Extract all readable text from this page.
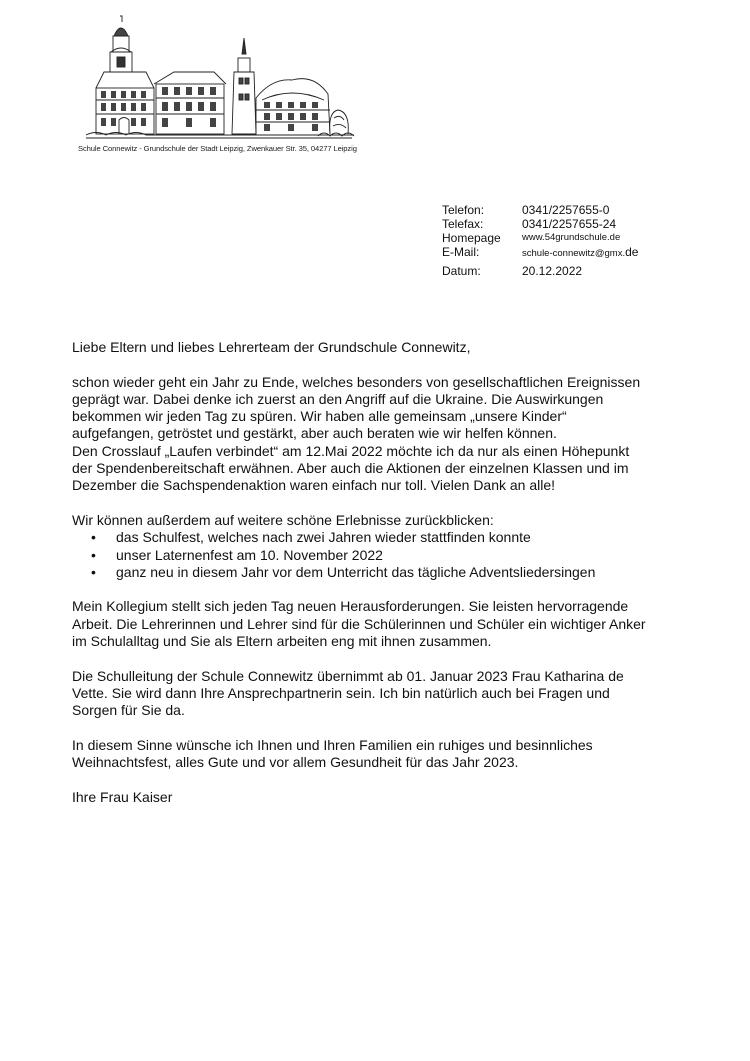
Schule Connewitz - Grundschule der Stadt Leipzig, Zwenkauer Str. 35, 04277 Leipzig
Telefon:	0341/2257655-0
Telefax:	0341/2257655-24
Homepage	www.54grundschule.de
E-Mail:	schule-connewitz@gmx.de
Datum:	20.12.2022

Liebe Eltern und liebes Lehrerteam der Grundschule Connewitz,

schon wieder geht ein Jahr zu Ende, welches besonders von gesellschaftlichen Ereignissen
geprägt war. Dabei denke ich zuerst an den Angriff auf die Ukraine. Die Auswirkungen
bekommen wir jeden Tag zu spüren. Wir haben alle gemeinsam „unsere Kinder“
aufgefangen, getröstet und gestärkt, aber auch beraten wie wir helfen können.
Den Crosslauf „Laufen verbindet“ am 12.Mai 2022 möchte ich da nur als einen Höhepunkt
der Spendenbereitschaft erwähnen. Aber auch die Aktionen der einzelnen Klassen und im
Dezember die Sachspendenaktion waren einfach nur toll. Vielen Dank an alle!

Wir können außerdem auf weitere schöne Erlebnisse zurückblicken:

• das Schulfest, welches nach zwei Jahren wieder stattfinden konnte
• unser Laternenfest am 10. November 2022
• ganz neu in diesem Jahr vor dem Unterricht das tägliche Adventsliedersingen

Mein Kollegium stellt sich jeden Tag neuen Herausforderungen. Sie leisten hervorragende
Arbeit. Die Lehrerinnen und Lehrer sind für die Schülerinnen und Schüler ein wichtiger Anker
im Schulalltag und Sie als Eltern arbeiten eng mit ihnen zusammen.

Die Schulleitung der Schule Connewitz übernimmt ab 01. Januar 2023 Frau Katharina de
Vette. Sie wird dann Ihre Ansprechpartnerin sein. Ich bin natürlich auch bei Fragen und
Sorgen für Sie da.

In diesem Sinne wünsche ich Ihnen und Ihren Familien ein ruhiges und besinnliches
Weihnachtsfest, alles Gute und vor allem Gesundheit für das Jahr 2023.

Ihre Frau Kaiser
